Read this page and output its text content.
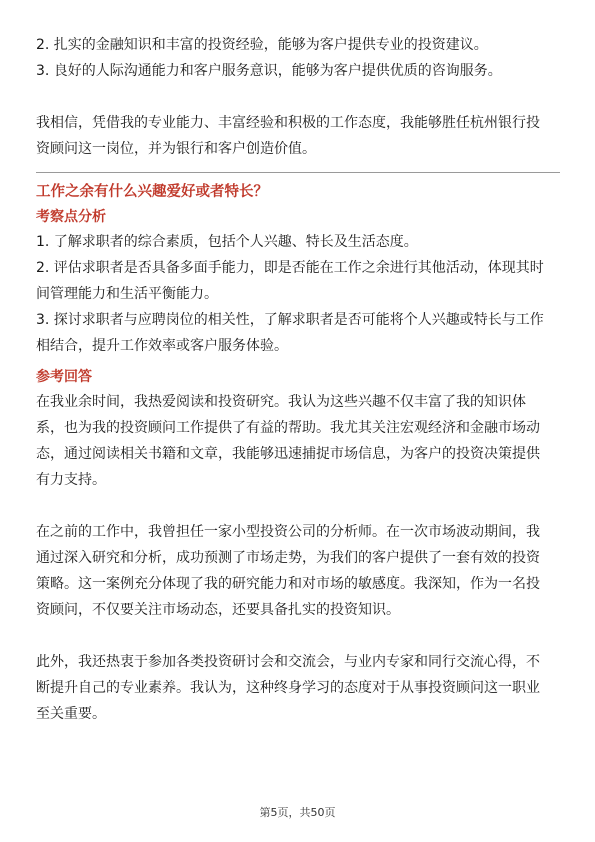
2. 扎实的金融知识和丰富的投资经验，能够为客户提供专业的投资建议。

3. 良好的人际沟通能力和客户服务意识，能够为客户提供优质的咨询服务。

我相信，凭借我的专业能力、丰富经验和积极的工作态度，我能够胜任杭州银行投

资顾问这一岗位，并为银行和客户创造价值。

工作之余有什么兴趣爱好或者特长？

考察点分析

1. 了解求职者的综合素质，包括个人兴趣、特长及生活态度。

2. 评估求职者是否具备多面手能力，即是否能在工作之余进行其他活动，体现其时

间管理能力和生活平衡能力。

3. 探讨求职者与应聘岗位的相关性，了解求职者是否可能将个人兴趣或特长与工作

相结合，提升工作效率或客户服务体验。

参考回答

在我业余时间，我热爱阅读和投资研究。我认为这些兴趣不仅丰富了我的知识体

系，也为我的投资顾问工作提供了有益的帮助。我尤其关注宏观经济和金融市场动

态，通过阅读相关书籍和文章，我能够迅速捕捉市场信息，为客户的投资决策提供

有力支持。

在之前的工作中，我曾担任一家小型投资公司的分析师。在一次市场波动期间，我

通过深入研究和分析，成功预测了市场走势，为我们的客户提供了一套有效的投资

策略。这一案例充分体现了我的研究能力和对市场的敏感度。我深知，作为一名投

资顾问，不仅要关注市场动态，还要具备扎实的投资知识。

此外，我还热衷于参加各类投资研讨会和交流会，与业内专家和同行交流心得，不

断提升自己的专业素养。我认为，这种终身学习的态度对于从事投资顾问这一职业

至关重要。

第5页，共50页
